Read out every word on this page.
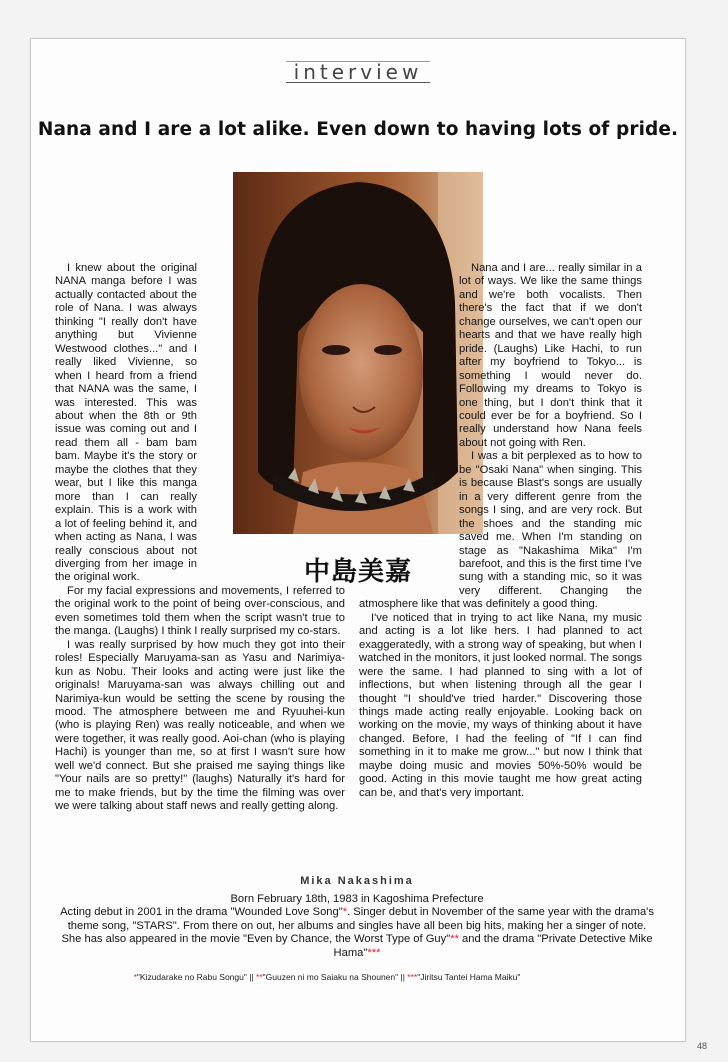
interview
Nana and I are a lot alike. Even down to having lots of pride.
中島美嘉

I knew about the original NANA manga before I was actually contacted about the role of Nana. I was always thinking "I really don't have anything but Vivienne Westwood clothes..." and I really liked Vivienne, so when I heard from a friend that NANA was the same, I was interested. This was about when the 8th or 9th issue was coming out and I read them all - bam bam bam. Maybe it's the story or maybe the clothes that they wear, but I like this manga more than I can really explain. This is a work with a lot of feeling behind it, and when acting as Nana, I was really conscious about not diverging from her image in the original work.

For my facial expressions and movements, I referred to the original work to the point of being over-conscious, and even sometimes told them when the script wasn't true to the manga. (Laughs) I think I really surprised my co-stars.

I was really surprised by how much they got into their roles! Especially Maruyama-san as Yasu and Narimiya-kun as Nobu. Their looks and acting were just like the originals! Maruyama-san was always chilling out and Narimiya-kun would be setting the scene by rousing the mood. The atmosphere between me and Ryuuhei-kun (who is playing Ren) was really noticeable, and when we were together, it was really good. Aoi-chan (who is playing Hachi) is younger than me, so at first I wasn't sure how well we'd connect. But she praised me saying things like "Your nails are so pretty!" (laughs) Naturally it's hard for me to make friends, but by the time the filming was over we were talking about staff news and really getting along.

Nana and I are... really similar in a lot of ways. We like the same things and we're both vocalists. Then there's the fact that if we don't change ourselves, we can't open our hearts and that we have really high pride. (Laughs) Like Hachi, to run after my boyfriend to Tokyo... is something I would never do. Following my dreams to Tokyo is one thing, but I don't think that it could ever be for a boyfriend. So I really understand how Nana feels about not going with Ren.

I was a bit perplexed as to how to be "Osaki Nana" when singing. This is because Blast's songs are usually in a very different genre from the songs I sing, and are very rock. But the shoes and the standing mic saved me. When I'm standing on stage as "Nakashima Mika" I'm barefoot, and this is the first time I've sung with a standing mic, so it was very different. Changing the atmosphere like that was definitely a good thing.

I've noticed that in trying to act like Nana, my music and acting is a lot like hers. I had planned to act exaggeratedly, with a strong way of speaking, but when I watched in the monitors, it just looked normal. The songs were the same. I had planned to sing with a lot of inflections, but when listening through all the gear I thought "I should've tried harder." Discovering those things made acting really enjoyable. Looking back on working on the movie, my ways of thinking about it have changed. Before, I had the feeling of "If I can find something in it to make me grow..." but now I think that maybe doing music and movies 50%-50% would be good. Acting in this movie taught me how great acting can be, and that's very important.

Mika Nakashima
Born February 18th, 1983 in Kagoshima Prefecture
Acting debut in 2001 in the drama "Wounded Love Song"*. Singer debut in November of the same year with the drama's theme song, "STARS". From there on out, her albums and singles have all been big hits, making her a singer of note. She has also appeared in the movie "Even by Chance, the Worst Type of Guy"** and the drama "Private Detective Mike Hama"***
*"Kizudarake no Rabu Songu" || **"Guuzen ni mo Saiaku na Shounen" || ***"Jiritsu Tantei Hama Maiku"
48
